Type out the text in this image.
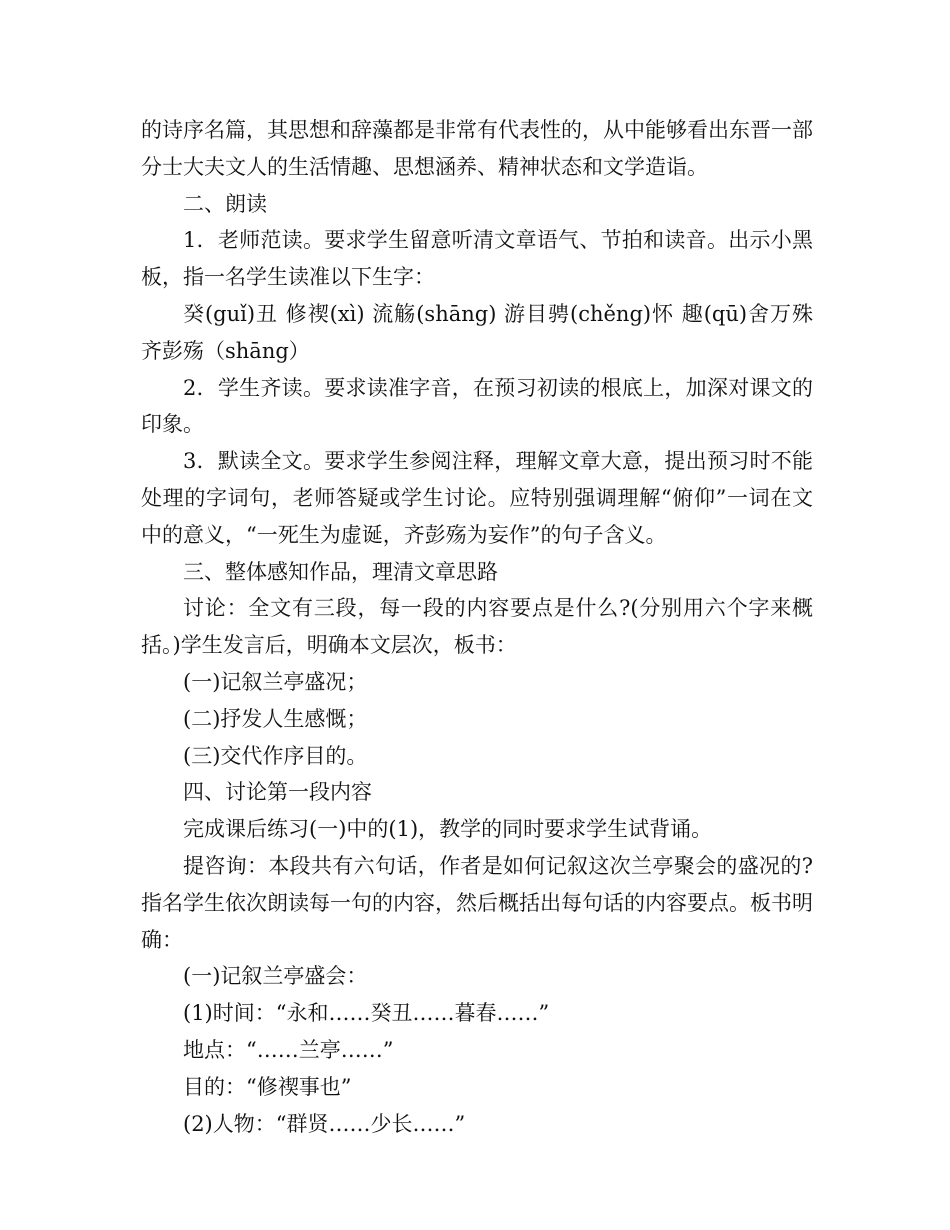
的诗序名篇，其思想和辞藻都是非常有代表性的，从中能够看出东晋一部分士大夫文人的生活情趣、思想涵养、精神状态和文学造诣。

二、朗读

1．老师范读。要求学生留意听清文章语气、节拍和读音。出示小黑板，指一名学生读准以下生字：

癸(guǐ)丑 修禊(xì) 流觞(shāng) 游目骋(chěng)怀 趣(qū)舍万殊 齐彭殇（shāng）

2．学生齐读。要求读准字音，在预习初读的根底上，加深对课文的印象。

3．默读全文。要求学生参阅注释，理解文章大意，提出预习时不能处理的字词句，老师答疑或学生讨论。应特别强调理解“俯仰”一词在文中的意义，“一死生为虚诞，齐彭殇为妄作”的句子含义。

三、整体感知作品，理清文章思路

讨论：全文有三段，每一段的内容要点是什么?(分别用六个字来概括。)学生发言后，明确本文层次，板书：

(一)记叙兰亭盛况；

(二)抒发人生感慨；

(三)交代作序目的。

四、讨论第一段内容

完成课后练习(一)中的(1)，教学的同时要求学生试背诵。

提咨询：本段共有六句话，作者是如何记叙这次兰亭聚会的盛况的?指名学生依次朗读每一句的内容，然后概括出每句话的内容要点。板书明确：

(一)记叙兰亭盛会：

(1)时间：“永和……癸丑……暮春……”

地点：“……兰亭……”

目的：“修禊事也”

(2)人物：“群贤……少长……”
